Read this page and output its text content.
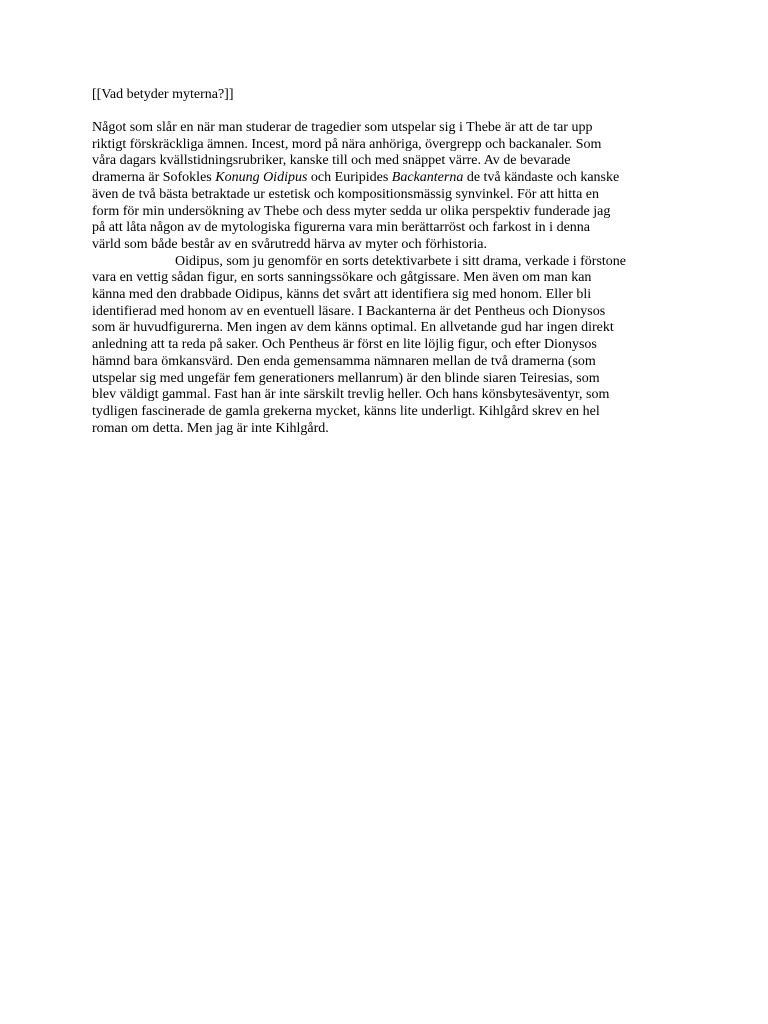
[[Vad betyder myterna?]]

Något som slår en när man studerar de tragedier som utspelar sig i Thebe är att de tar upp
riktigt förskräckliga ämnen. Incest, mord på nära anhöriga, övergrepp och backanaler. Som
våra dagars kvällstidningsrubriker, kanske till och med snäppet värre. Av de bevarade
dramerna är Sofokles Konung Oidipus och Euripides Backanterna de två kändaste och kanske
även de två bästa betraktade ur estetisk och kompositionsmässig synvinkel. För att hitta en
form för min undersökning av Thebe och dess myter sedda ur olika perspektiv funderade jag
på att låta någon av de mytologiska figurerna vara min berättarröst och farkost in i denna
värld som både består av en svårutredd härva av myter och förhistoria.

Oidipus, som ju genomför en sorts detektivarbete i sitt drama, verkade i förstone
vara en vettig sådan figur, en sorts sanningssökare och gåtgissare. Men även om man kan
känna med den drabbade Oidipus, känns det svårt att identifiera sig med honom. Eller bli
identifierad med honom av en eventuell läsare. I Backanterna är det Pentheus och Dionysos
som är huvudfigurerna. Men ingen av dem känns optimal. En allvetande gud har ingen direkt
anledning att ta reda på saker. Och Pentheus är först en lite löjlig figur, och efter Dionysos
hämnd bara ömkansvärd. Den enda gemensamma nämnaren mellan de två dramerna (som
utspelar sig med ungefär fem generationers mellanrum) är den blinde siaren Teiresias, som
blev väldigt gammal. Fast han är inte särskilt trevlig heller. Och hans könsbytesäventyr, som
tydligen fascinerade de gamla grekerna mycket, känns lite underligt. Kihlgård skrev en hel
roman om detta. Men jag är inte Kihlgård.
